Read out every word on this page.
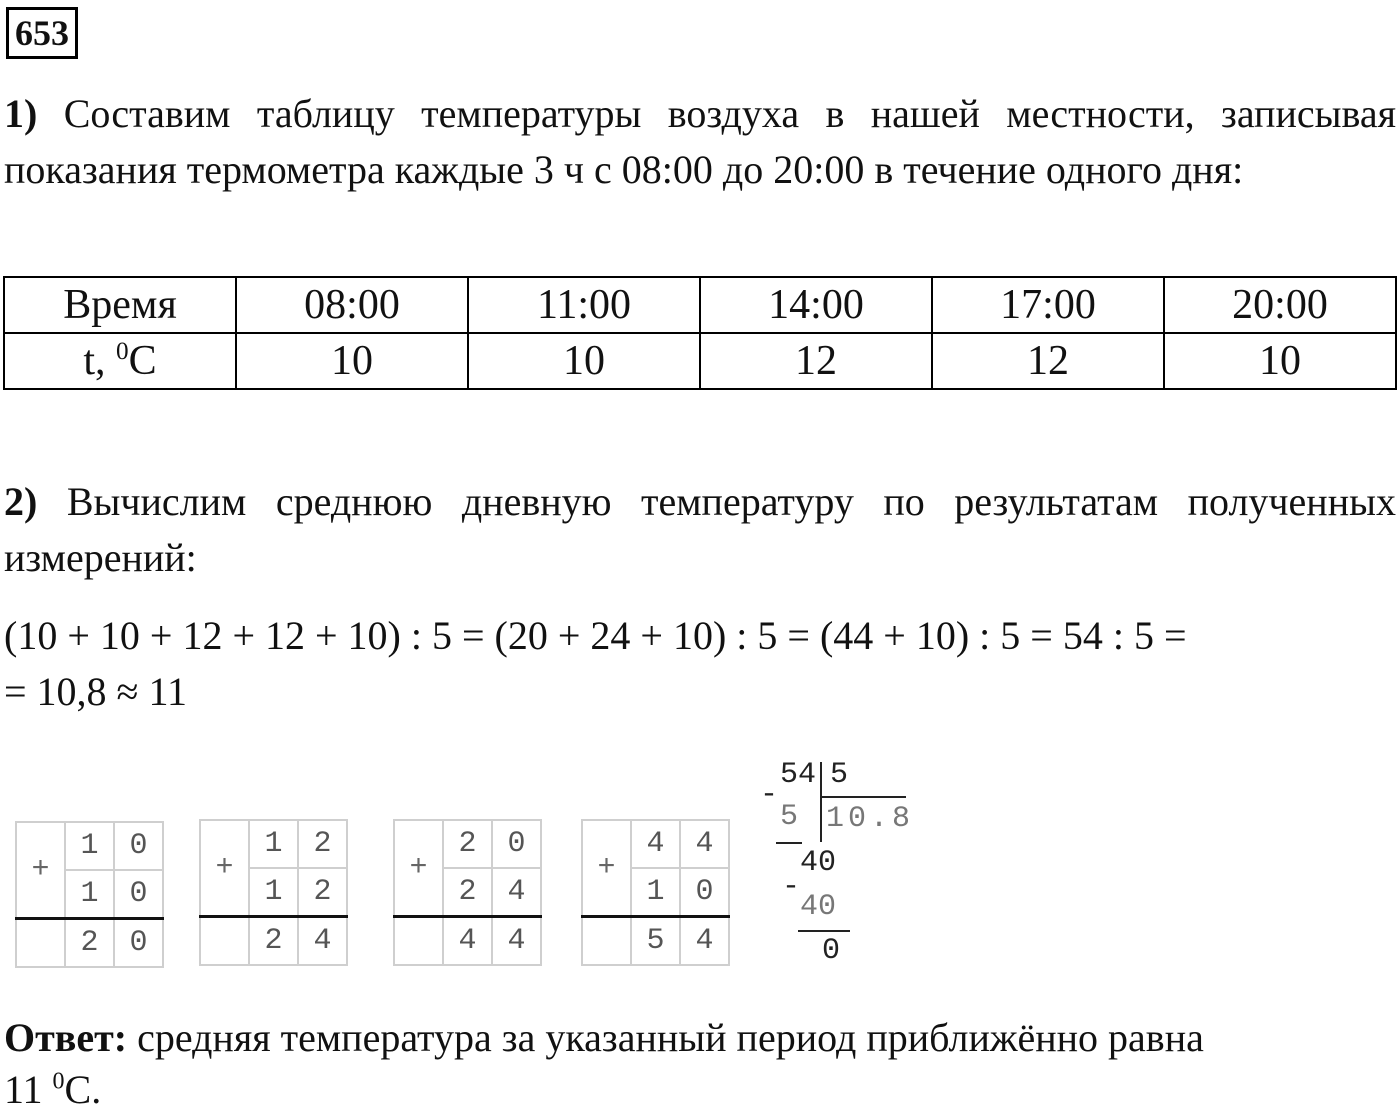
653
1) Составим таблицу температуры воздуха в нашей местности, записывая показания термометра каждые 3 ч с 08:00 до 20:00 в течение одного дня:
Время	08:00	11:00	14:00	17:00	20:00
t, $^0$C	10	10	12	12	10
2) Вычислим среднюю дневную температуру по результатам полученных измерений:
(10 + 10 + 12 + 12 + 10) : 5 = (20 + 24 + 10) : 5 = (44 + 10) : 5 = 54 : 5 =
= 10,8 ≈ 11
+	1	0
	1	0
	2	0
+	1	2
	1	2
	2	4
+	2	0
	2	4
	4	4
+	4	4
	1	0
	5	4
54 5
-
5 10.8
40
-
40
0
Ответ: средняя температура за указанный период приближённо равна
11 $^0$C.
